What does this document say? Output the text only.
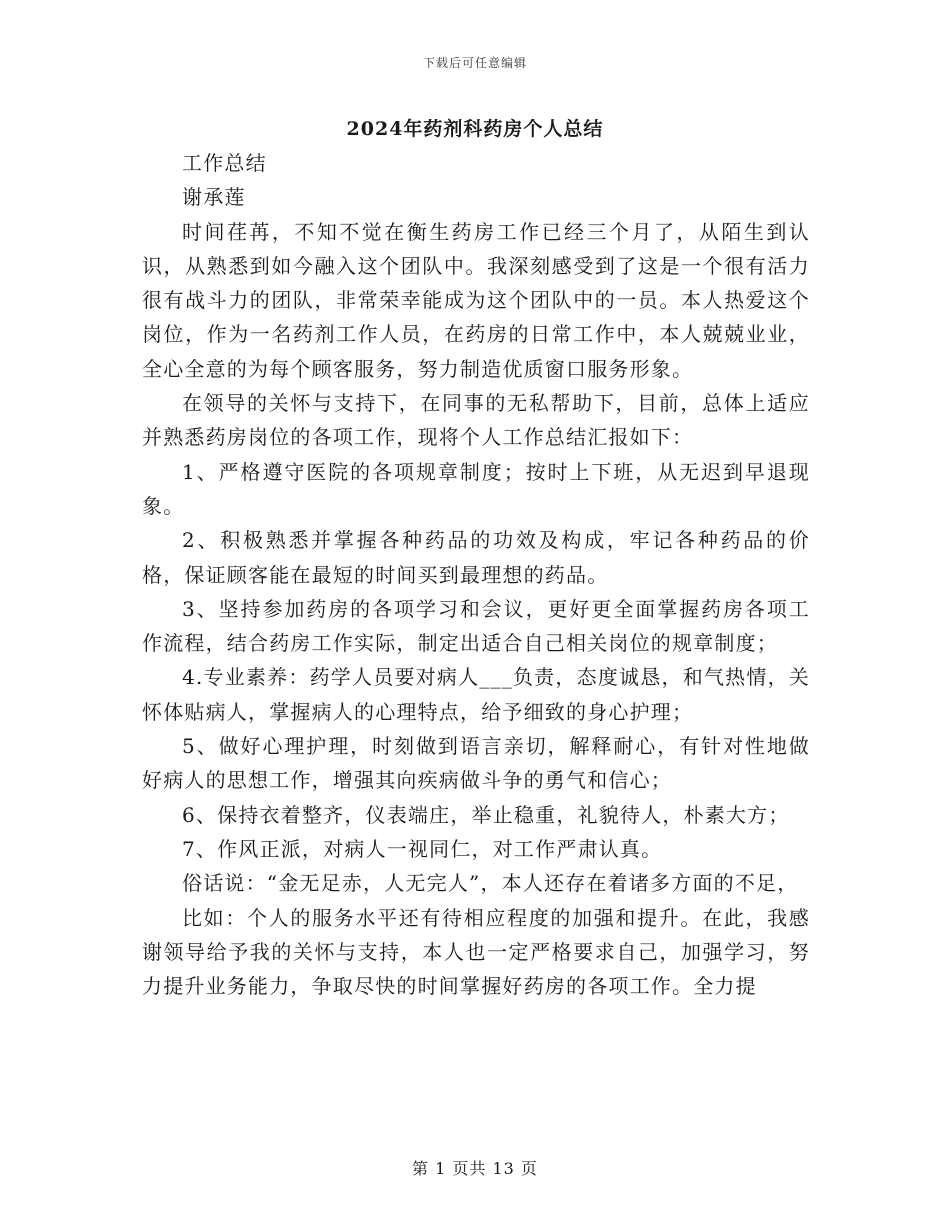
下载后可任意编辑
2024年药剂科药房个人总结

工作总结

谢承莲

时间荏苒，不知不觉在衡生药房工作已经三个月了，从陌生到认识，从熟悉到如今融入这个团队中。我深刻感受到了这是一个很有活力很有战斗力的团队，非常荣幸能成为这个团队中的一员。本人热爱这个岗位，作为一名药剂工作人员，在药房的日常工作中，本人兢兢业业，全心全意的为每个顾客服务，努力制造优质窗口服务形象。

在领导的关怀与支持下，在同事的无私帮助下，目前，总体上适应并熟悉药房岗位的各项工作，现将个人工作总结汇报如下：

1、严格遵守医院的各项规章制度；按时上下班，从无迟到早退现象。

2、积极熟悉并掌握各种药品的功效及构成，牢记各种药品的价格，保证顾客能在最短的时间买到最理想的药品。

3、坚持参加药房的各项学习和会议，更好更全面掌握药房各项工作流程，结合药房工作实际，制定出适合自己相关岗位的规章制度；

4.专业素养：药学人员要对病人___负责，态度诚恳，和气热情，关怀体贴病人，掌握病人的心理特点，给予细致的身心护理；

5、做好心理护理，时刻做到语言亲切，解释耐心，有针对性地做好病人的思想工作，增强其向疾病做斗争的勇气和信心；

6、保持衣着整齐，仪表端庄，举止稳重，礼貌待人，朴素大方；

7、作风正派，对病人一视同仁，对工作严肃认真。

俗话说：“金无足赤，人无完人”，本人还存在着诸多方面的不足，

比如：个人的服务水平还有待相应程度的加强和提升。在此，我感谢领导给予我的关怀与支持，本人也一定严格要求自己，加强学习，努力提升业务能力，争取尽快的时间掌握好药房的各项工作。全力提

第 1 页共 13 页
